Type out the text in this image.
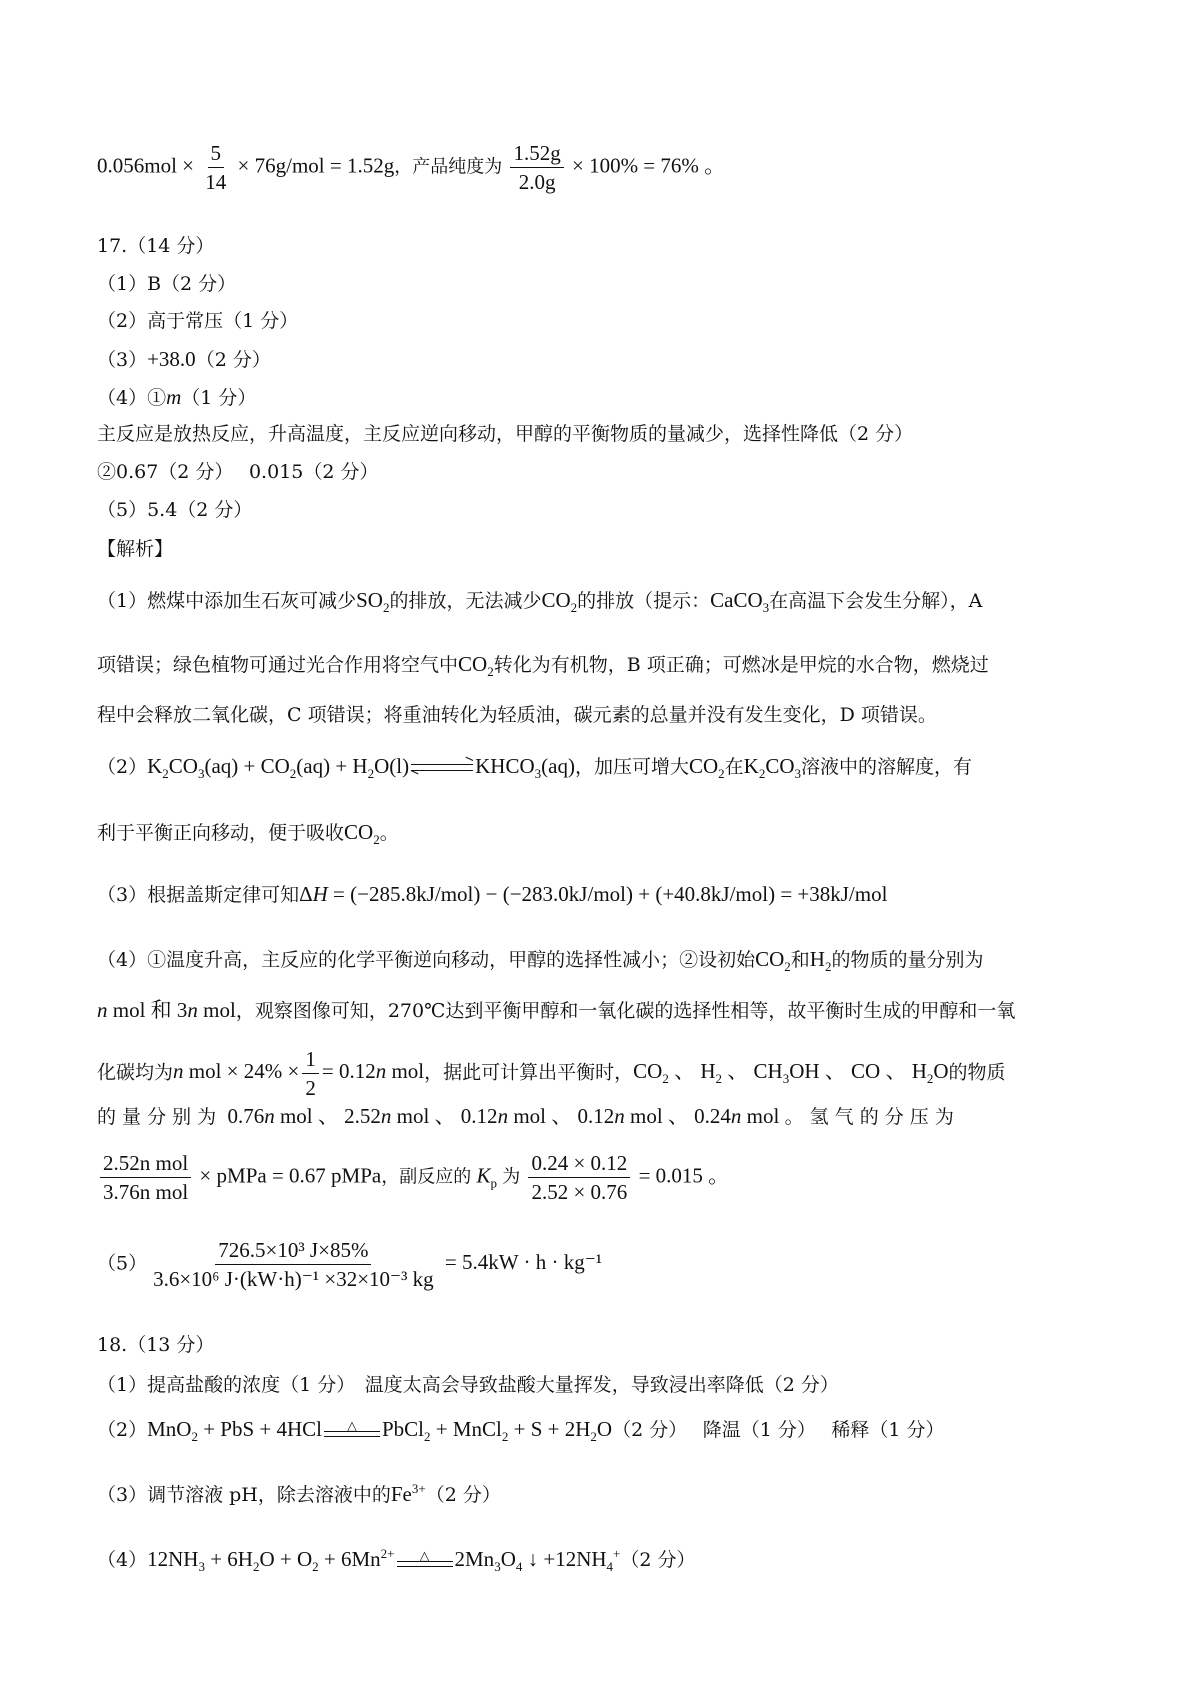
$0.056mol \times \frac{5}{14} \times 76g/mol = 1.52g$，产品纯度为 $\frac{1.52g}{2.0g} \times 100\% = 76\%$ 。
17.（14 分）
（1）B（2 分）
（2）高于常压（1 分）
（3）+38.0（2 分）
（4）①m（1 分）
主反应是放热反应，升高温度，主反应逆向移动，甲醇的平衡物质的量减少，选择性降低（2 分）
②0.67（2 分）　 0.015（2 分）
（5）5.4（2 分）
【解析】
（1）燃煤中添加生石灰可减少$SO_2$的排放，无法减少$CO_2$的排放（提示：CaCO$_3$在高温下会发生分解），A
项错误；绿色植物可通过光合作用将空气中$CO_2$转化为有机物，B 项正确；可燃冰是甲烷的水合物，燃烧过
程中会释放二氧化碳，C 项错误；将重油转化为轻质油，碳元素的总量并没有发生变化，D 项错误。
$(2)K_2CO_3(aq) + CO_2(aq) + H_2O(l)$	$KHCO_3(aq)$，加压可增大$CO_2$在$K_2CO_3$溶液中的溶解度，有
利于平衡正向移动，便于吸收$CO_2$。
（3）根据盖斯定律可知ΔH = (−285.8kJ/mol) − (−283.0kJ/mol) + (+40.8kJ/mol) = +38kJ/mol
（4）①温度升高，主反应的化学平衡逆向移动，甲醇的选择性减小；②设初始$CO_2$和$H_2$的物质的量分别为
n mol 和 3n mol，观察图像可知，270℃达到平衡甲醇和一氧化碳的选择性相等，故平衡时生成的甲醇和一氧
化碳均为n mol × $24\% \times \frac{1}{2} = 0.12n$ mol，据此可计算出平衡时，$CO_2$ 、 $H_2$ 、 $CH_3OH$ 、 CO 、 $H_2O$的物质
的 量 分 别 为  0.76n mol 、 2.52n mol 、 0.12n mol 、 0.12n mol 、 0.24n mol 。 氢 气 的 分 压 为
$\frac{\text{2.52n mol}}{\text{3.76n mol}}$ × pMPa = 0.67 pMPa，副反应的 $K_p$ 为 $\frac{0.24 \times 0.12}{2.52 \times 0.76} = 0.015$ 。
$(5) \frac{\text{726.5×10³ J×85\%}}{\text{3.6×10⁶ J·(kW·h)⁻¹ ×32×10⁻³ kg}} = 5.4kW \cdot h \cdot kg^{-1}$
18.（13 分）
（1）提高盐酸的浓度（1 分）　温度太高会导致盐酸大量挥发，导致浸出率降低（2 分）
（2）MnO$_2$ + PbS + 4HCl	△	PbCl$_2$ + MnCl$_2$ + $S + 2H_2O(2$ 分）　 降温（1 分）　 稀释（1 分）
（3）调节溶液 pH，除去溶液中的$Fe^{3+}(2$ 分）
$(4)12NH_3 + 6H_2O + O_2 + 6Mn^{2+}$	△	$2Mn_3O_4$ ↓ $+12NH_4^+(2$ 分）
